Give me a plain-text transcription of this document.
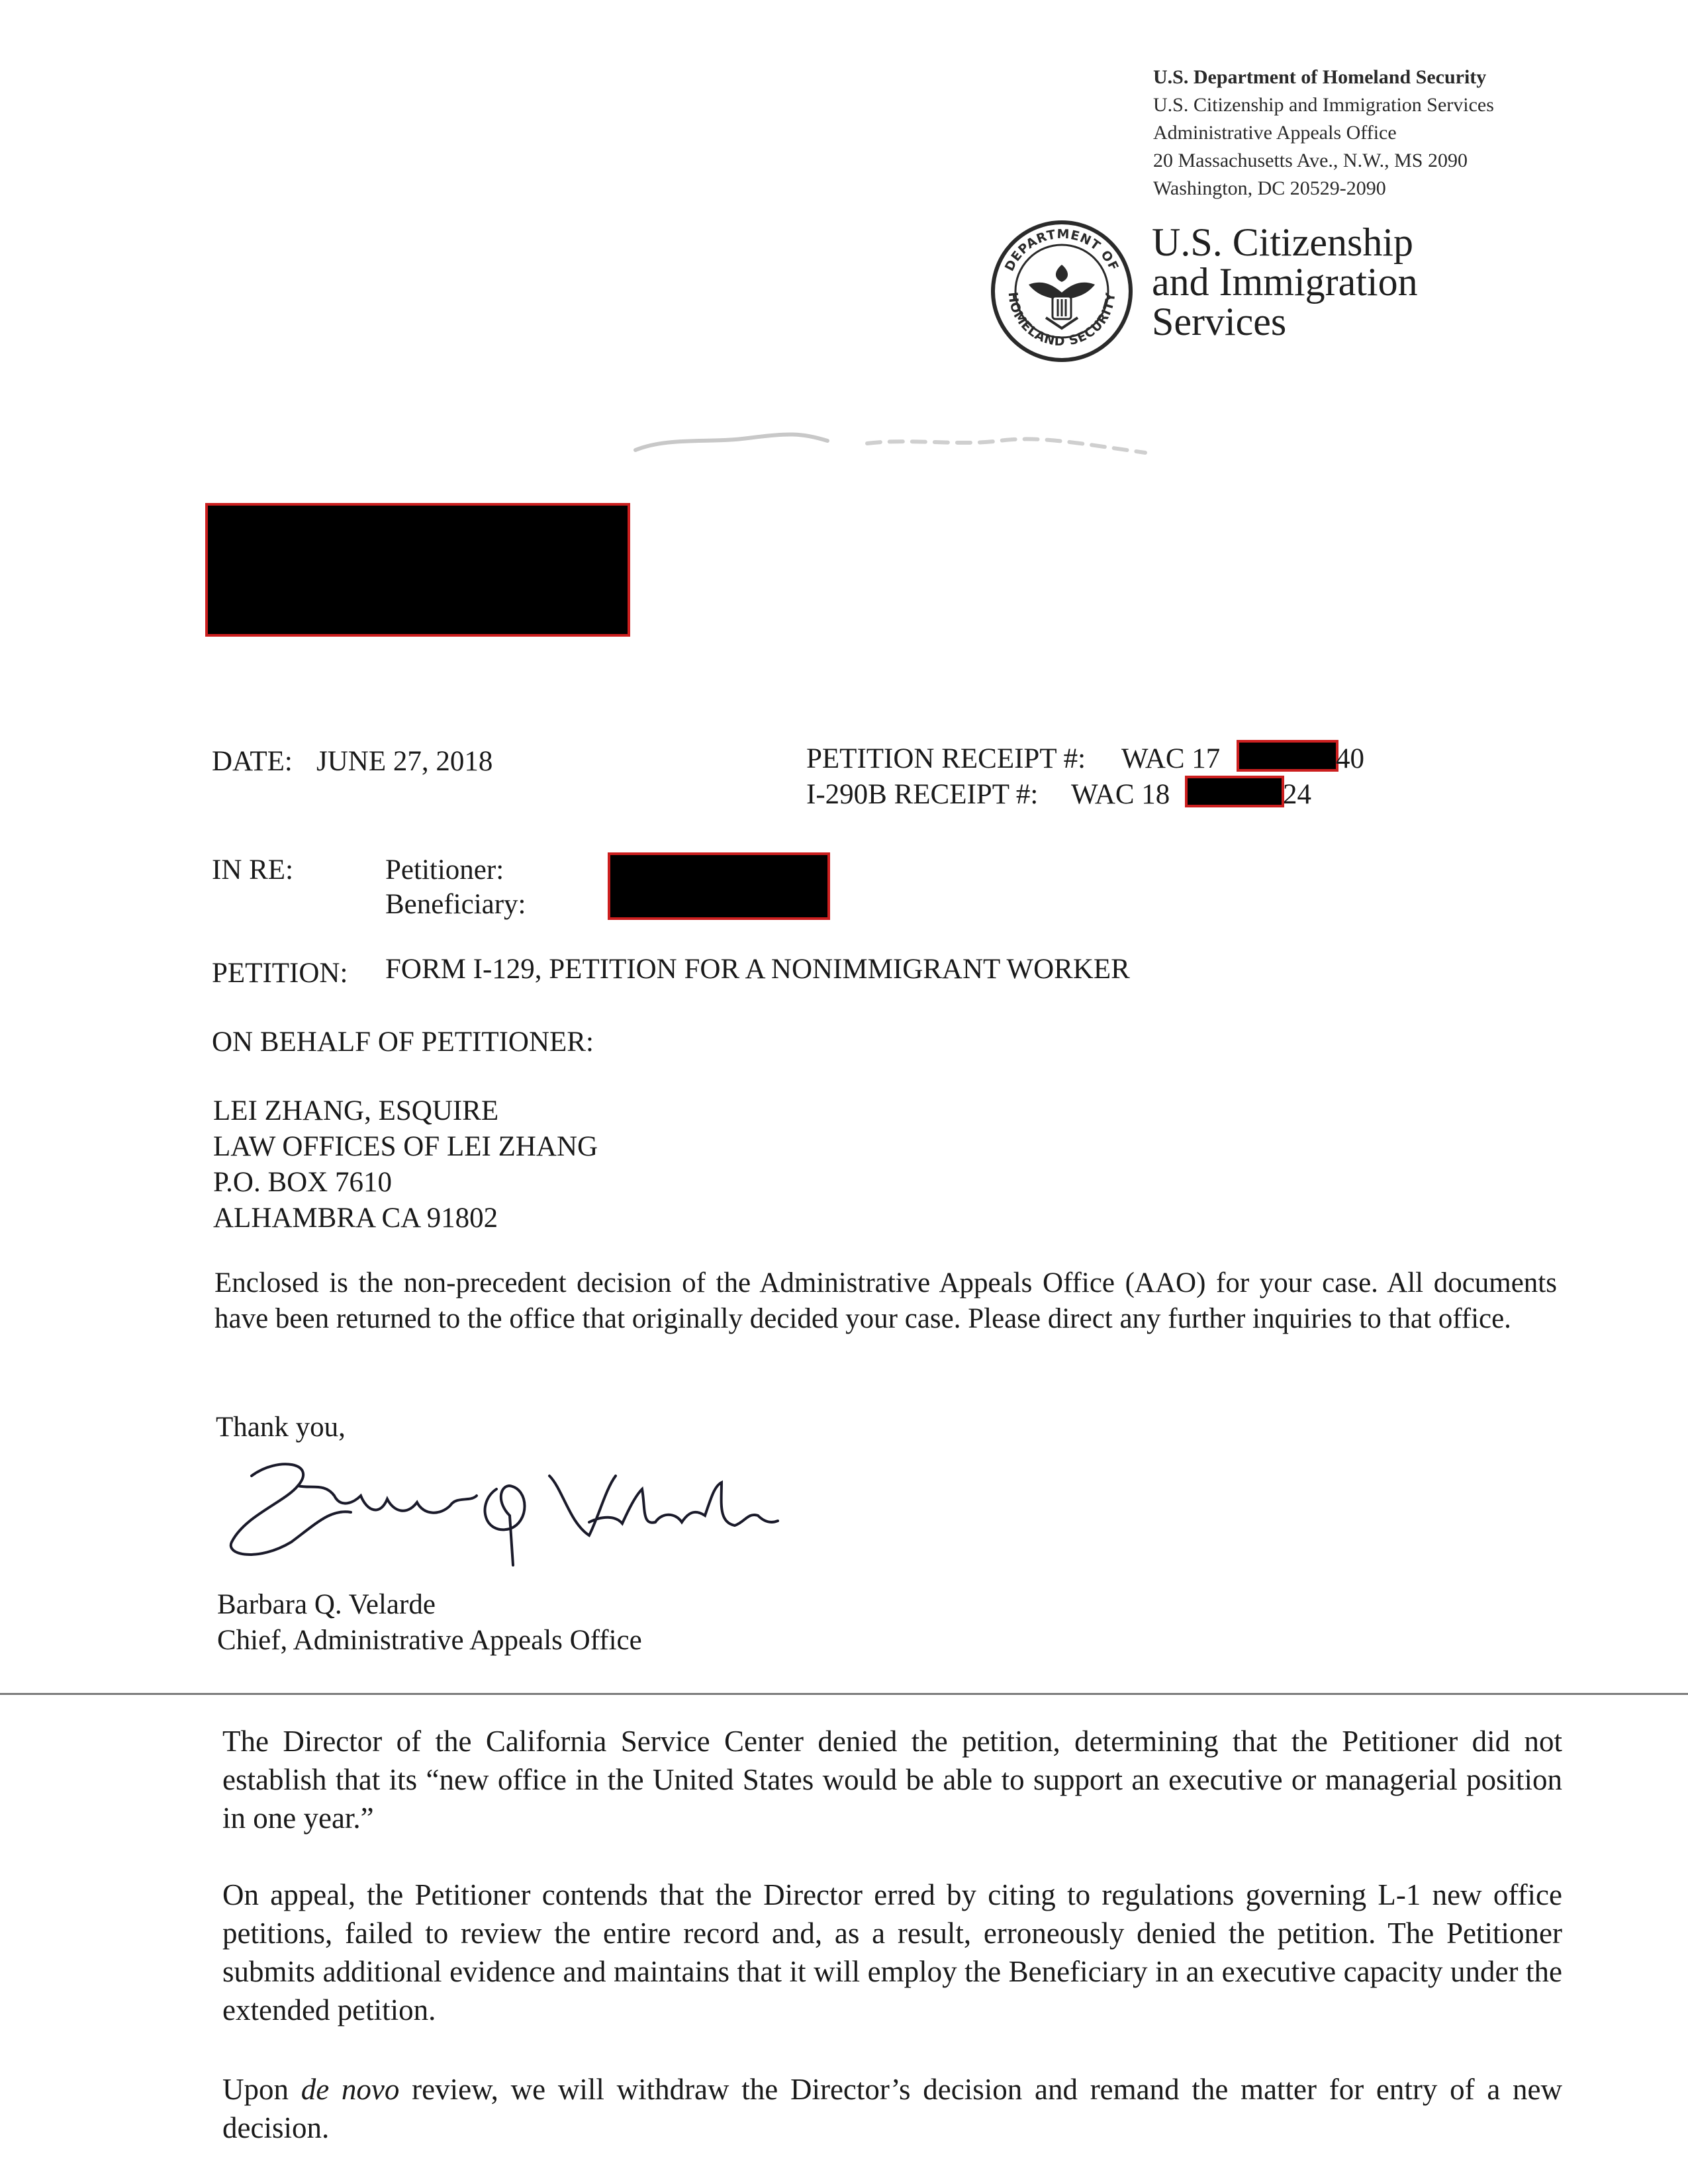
U.S. Department of Homeland Security
U.S. Citizenship and Immigration Services
Administrative Appeals Office
20 Massachusetts Ave., N.W., MS 2090
Washington, DC 20529-2090
DEPARTMENT OF
HOMELAND SECURITY
U.S. Citizenship
and Immigration
Services
DATE: JUNE 27, 2018	PETITION RECEIPT #: WAC 17	40
I-290B RECEIPT #: WAC 18	24
IN RE:	Petitioner:
Beneficiary:
PETITION: FORM I-129, PETITION FOR A NONIMMIGRANT WORKER
ON BEHALF OF PETITIONER:
LEI ZHANG, ESQUIRE
LAW OFFICES OF LEI ZHANG
P.O. BOX 7610
ALHAMBRA CA 91802
Enclosed is the non-precedent decision of the Administrative Appeals Office (AAO) for your case. All documents have been returned to the office that originally decided your case. Please direct any further inquiries to that office.
Thank you,
Barbara Q. Velarde
Chief, Administrative Appeals Office
The Director of the California Service Center denied the petition, determining that the Petitioner did not establish that its “new office in the United States would be able to support an executive or managerial position in one year.”
On appeal, the Petitioner contends that the Director erred by citing to regulations governing L-1 new office petitions, failed to review the entire record and, as a result, erroneously denied the petition. The Petitioner submits additional evidence and maintains that it will employ the Beneficiary in an executive capacity under the extended petition.
Upon de novo review, we will withdraw the Director’s decision and remand the matter for entry of a new decision.
